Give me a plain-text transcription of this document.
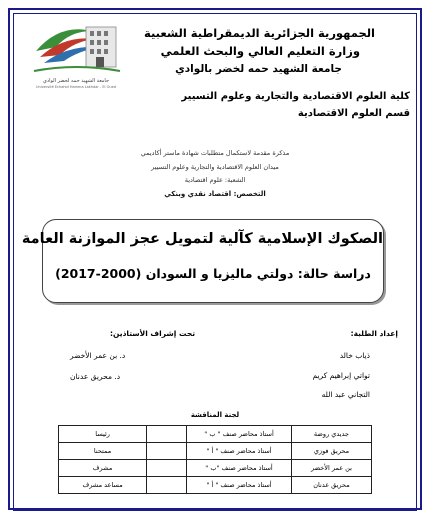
جامعة الشهيد حمه لخضر الوادي
Université Echahid Hamma Lakhdar - El Oued
الجمهورية الجزائرية الديمقراطية الشعبية
وزارة التعليم العالي والبحث العلمي
جامعة الشهيد حمه لخضر بالوادي
كلية العلوم الاقتصادية والتجارية وعلوم التسيير
قسم العلوم الاقتصادية
مذكرة مقدمة لاستكمال متطلبات شهادة ماستر أكاديمي
ميدان العلوم الاقتصادية والتجارية وعلوم التسيير
الشعبة: علوم اقتصادية
التخصص: اقتصاد نقدي وبنكي
الصكوك الإسلامية كآلية لتمويل عجز الموازنة العامة
دراسة حالة: دولتي ماليزيا و السودان (2000-2017)
إعداد الطلبة:
تحت إشراف الأستاذين:
ذياب خالد
تواتي إبراهيم كريم
التجاني عبد الله
د. بن عمر الأخضر
د. محريق عدنان
لجنة المناقشة
جديدي روضة	أستاذ محاضر صنف " ب "		رئيسا
محريق فوزي	أستاذ محاضر صنف " أ "		ممتحنا
بن عمر الأخضر	أستاذ محاضر صنف "ب "		مشرف
محريق عدنان	أستاذ محاضر صنف " أ "		مساعد مشرف
